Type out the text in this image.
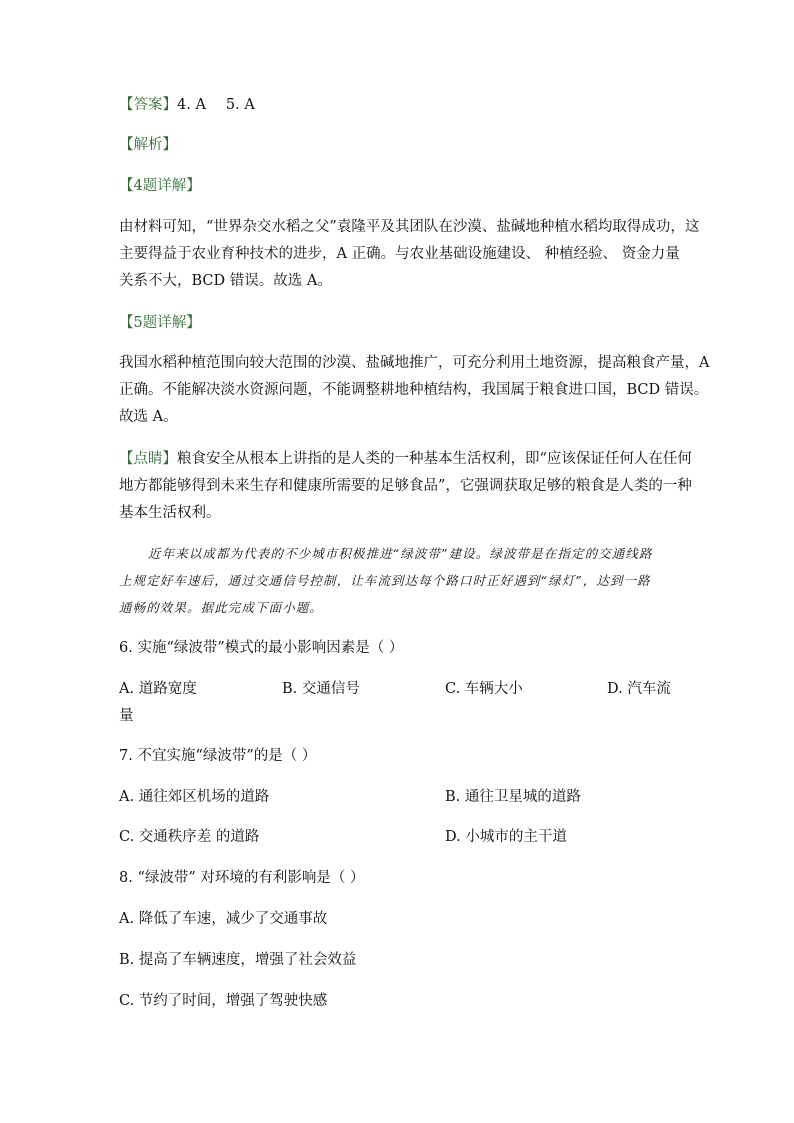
【答案】4. A 5. A
【解析】
【4题详解】
由材料可知，“世界杂交水稻之父”袁隆平及其团队在沙漠、盐碱地种植水稻均取得成功，这
主要得益于农业育种技术的进步，A 正确。与农业基础设施建设、 种植经验、 资金力量
关系不大，BCD 错误。故选 A。
【5题详解】
我国水稻种植范围向较大范围的沙漠、盐碱地推广，可充分利用土地资源，提高粮食产量，A
正确。不能解决淡水资源问题，不能调整耕地种植结构，我国属于粮食进口国，BCD 错误。
故选 A。
【点睛】粮食安全从根本上讲指的是人类的一种基本生活权利，即“应该保证任何人在任何
地方都能够得到未来生存和健康所需要的足够食品”，它强调获取足够的粮食是人类的一种
基本生活权利。
近年来以成都为代表的不少城市积极推进“绿波带”建设。绿波带是在指定的交通线路
上规定好车速后，通过交通信号控制，让车流到达每个路口时正好遇到“绿灯”，达到一路
通畅的效果。据此完成下面小题。
6. 实施“绿波带”模式的最小影响因素是（ ）
A. 道路宽度	B. 交通信号	C. 车辆大小	D. 汽车流
量
7. 不宜实施“绿波带”的是（ ）
A. 通往郊区机场的道路	B. 通往卫星城的道路
C. 交通秩序差 的道路	D. 小城市的主干道
8. “绿波带” 对环境的有利影响是（ ）
A. 降低了车速，减少了交通事故
B. 提高了车辆速度，增强了社会效益
C. 节约了时间，增强了驾驶快感
